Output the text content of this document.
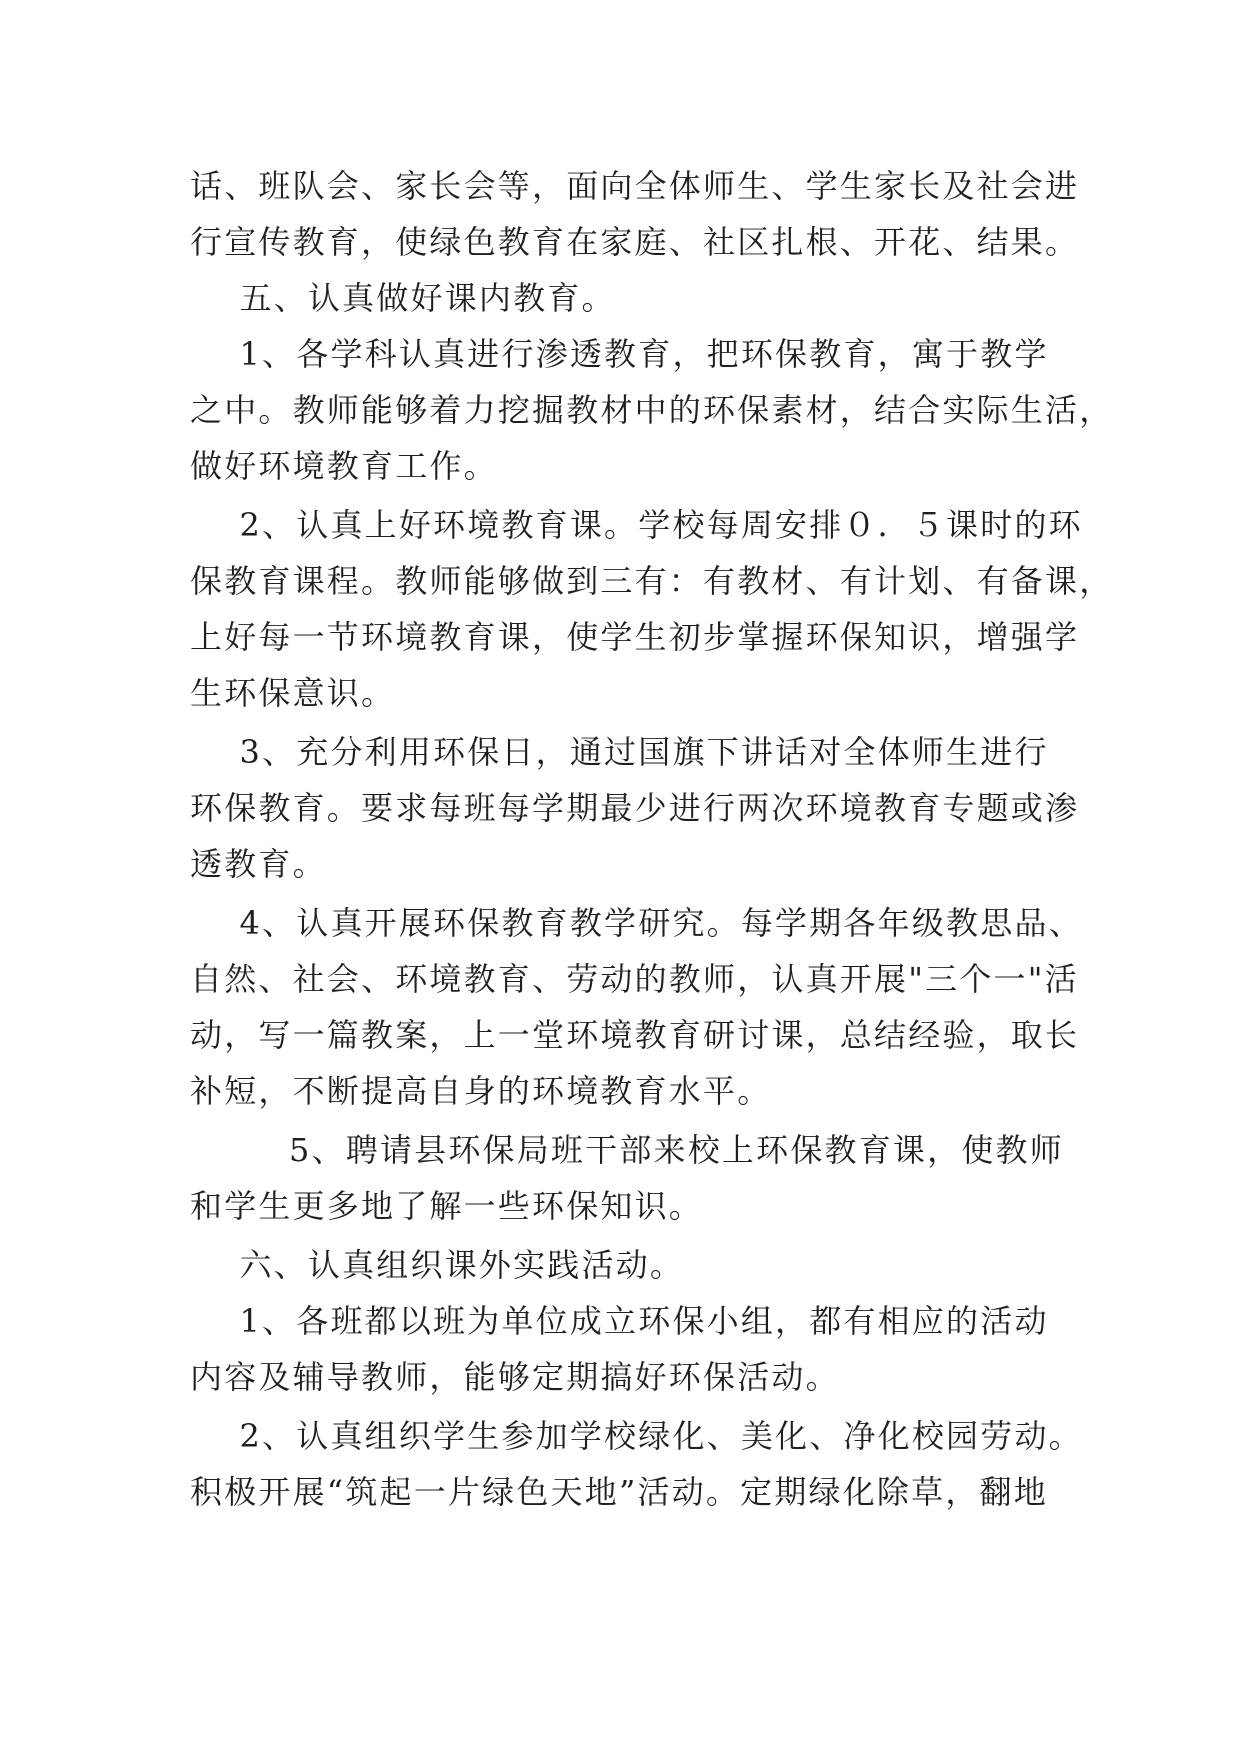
话、班队会、家长会等，面向全体师生、学生家长及社会进
行宣传教育，使绿色教育在家庭、社区扎根、开花、结果。
五、认真做好课内教育。
1、各学科认真进行渗透教育，把环保教育，寓于教学
之中。教师能够着力挖掘教材中的环保素材，结合实际生活，
做好环境教育工作。
2、认真上好环境教育课。学校每周安排０．５课时的环
保教育课程。教师能够做到三有：有教材、有计划、有备课，
上好每一节环境教育课，使学生初步掌握环保知识，增强学
生环保意识。
3、充分利用环保日，通过国旗下讲话对全体师生进行
环保教育。要求每班每学期最少进行两次环境教育专题或渗
透教育。
4、认真开展环保教育教学研究。每学期各年级教思品、
自然、社会、环境教育、劳动的教师，认真开展"三个一"活
动，写一篇教案，上一堂环境教育研讨课，总结经验，取长
补短，不断提高自身的环境教育水平。
5、聘请县环保局班干部来校上环保教育课，使教师
和学生更多地了解一些环保知识。
六、认真组织课外实践活动。
1、各班都以班为单位成立环保小组，都有相应的活动
内容及辅导教师，能够定期搞好环保活动。
2、认真组织学生参加学校绿化、美化、净化校园劳动。
积极开展“筑起一片绿色天地”活动。定期绿化除草，翻地
